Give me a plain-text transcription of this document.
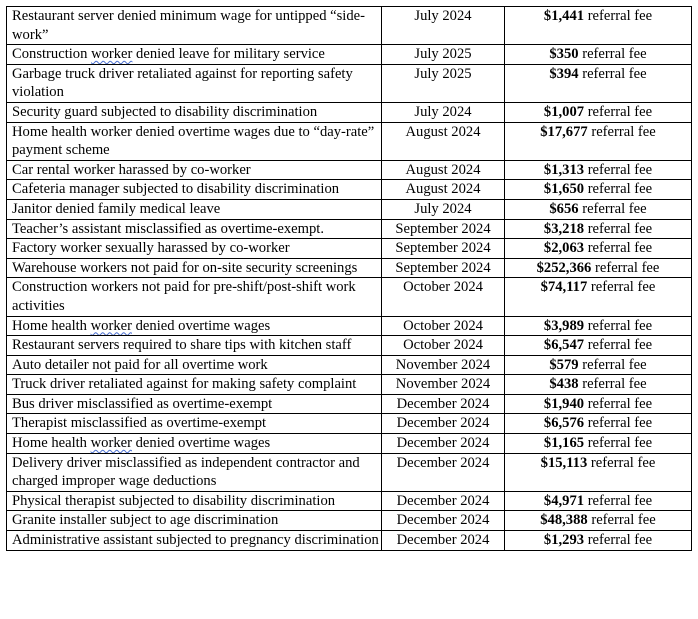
Restaurant server denied minimum wage for untipped “side-work”	July 2024	$1,441 referral fee
Construction worker denied leave for military service	July 2025	$350 referral fee
Garbage truck driver retaliated against for reporting safety violation	July 2025	$394 referral fee
Security guard subjected to disability discrimination	July 2024	$1,007 referral fee
Home health worker denied overtime wages due to “day-rate” payment scheme	August 2024	$17,677 referral fee
Car rental worker harassed by co-worker	August 2024	$1,313 referral fee
Cafeteria manager subjected to disability discrimination	August 2024	$1,650 referral fee
Janitor denied family medical leave	July 2024	$656 referral fee
Teacher’s assistant misclassified as overtime-exempt.	September 2024	$3,218 referral fee
Factory worker sexually harassed by co-worker	September 2024	$2,063 referral fee
Warehouse workers not paid for on-site security screenings	September 2024	$252,366 referral fee
Construction workers not paid for pre-shift/post-shift work activities	October 2024	$74,117 referral fee
Home health worker denied overtime wages	October 2024	$3,989 referral fee
Restaurant servers required to share tips with kitchen staff	October 2024	$6,547 referral fee
Auto detailer not paid for all overtime work	November 2024	$579 referral fee
Truck driver retaliated against for making safety complaint	November 2024	$438 referral fee
Bus driver misclassified as overtime-exempt	December 2024	$1,940 referral fee
Therapist misclassified as overtime-exempt	December 2024	$6,576 referral fee
Home health worker denied overtime wages	December 2024	$1,165 referral fee
Delivery driver misclassified as independent contractor and charged improper wage deductions	December 2024	$15,113 referral fee
Physical therapist subjected to disability discrimination	December 2024	$4,971 referral fee
Granite installer subject to age discrimination	December 2024	$48,388 referral fee
Administrative assistant subjected to pregnancy discrimination	December 2024	$1,293 referral fee
